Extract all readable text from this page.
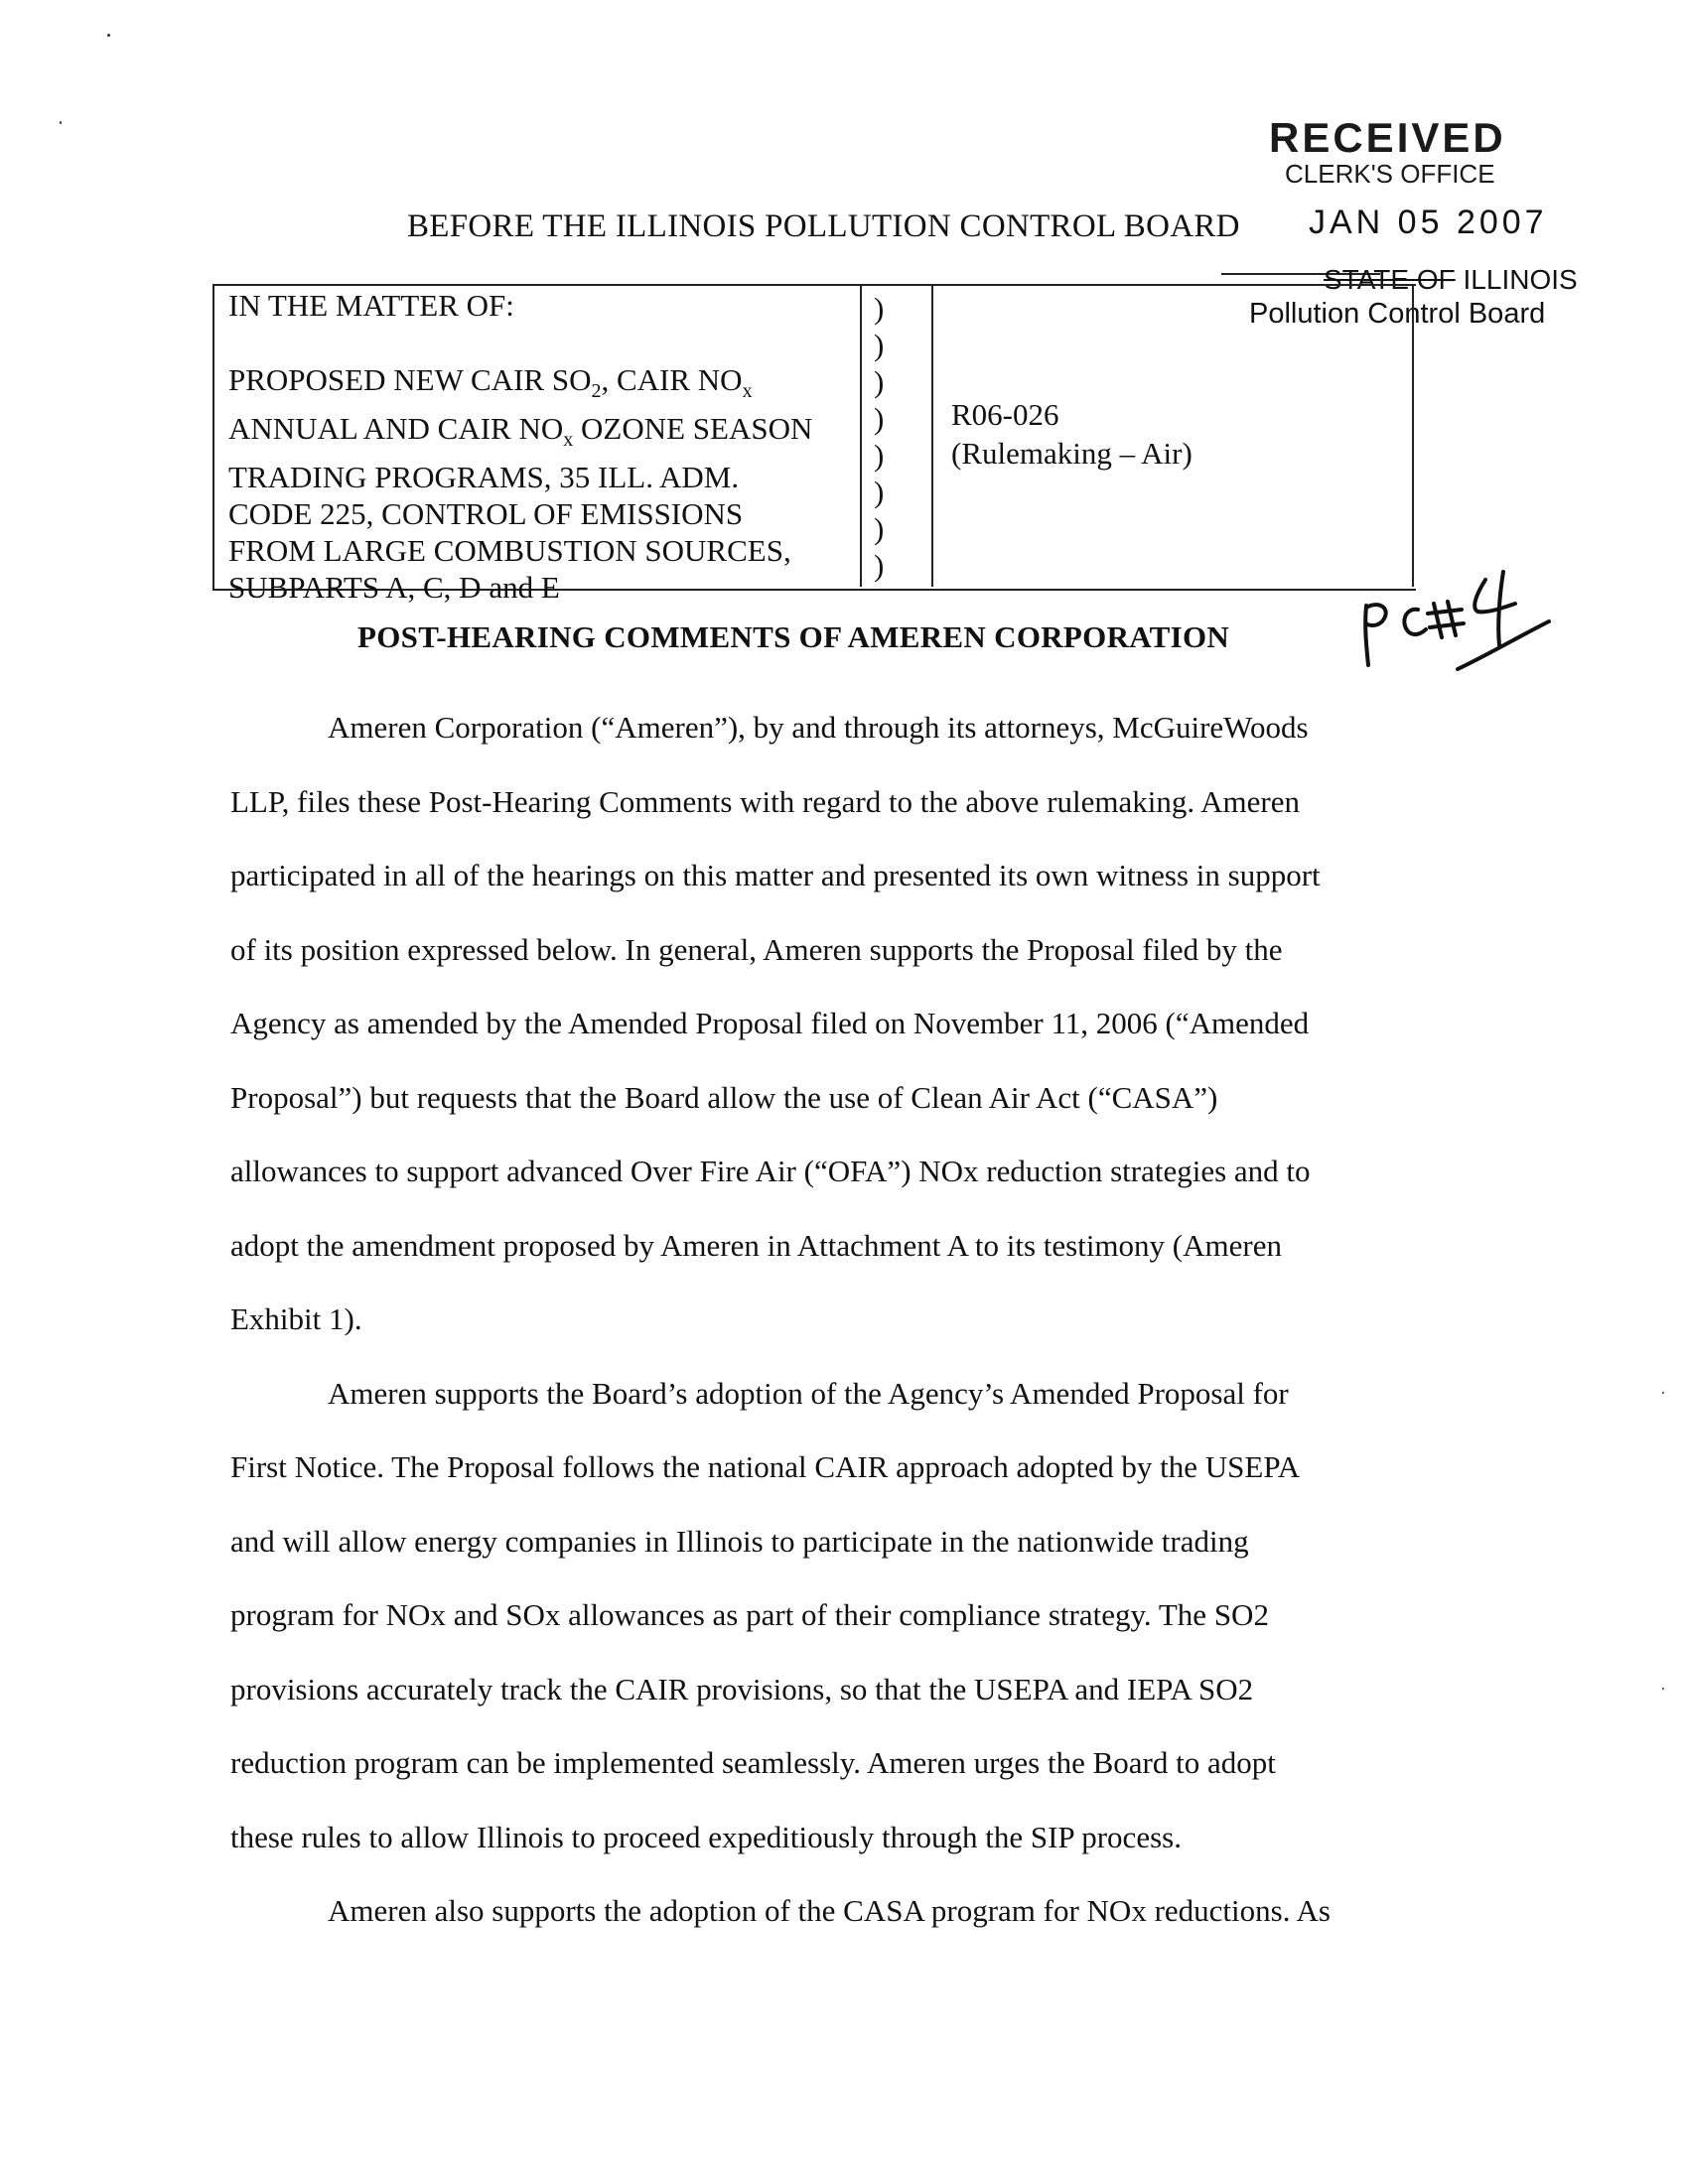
RECEIVED
CLERK'S OFFICE
JAN 05 2007
STATE OF ILLINOIS
Pollution Control Board
BEFORE THE ILLINOIS POLLUTION CONTROL BOARD
IN THE MATTER OF:
PROPOSED NEW CAIR $SO_2$, CAIR $NO_x$
ANNUAL AND CAIR $NO_x$ OZONE SEASON
TRADING PROGRAMS, 35 ILL. ADM.
CODE 225, CONTROL OF EMISSIONS
FROM LARGE COMBUSTION SOURCES,
SUBPARTS A, C, D and E
)
)
)
)
)
)
)
)
R06-026
(Rulemaking – Air)
POST-HEARING COMMENTS OF AMEREN CORPORATION

Ameren Corporation (“Ameren”), by and through its attorneys, McGuireWoods
LLP, files these Post-Hearing Comments with regard to the above rulemaking. Ameren
participated in all of the hearings on this matter and presented its own witness in support
of its position expressed below. In general, Ameren supports the Proposal filed by the
Agency as amended by the Amended Proposal filed on November 11, 2006 (“Amended
Proposal”) but requests that the Board allow the use of Clean Air Act (“CASA”)
allowances to support advanced Over Fire Air (“OFA”) NOx reduction strategies and to
adopt the amendment proposed by Ameren in Attachment A to its testimony (Ameren
Exhibit 1).

Ameren supports the Board’s adoption of the Agency’s Amended Proposal for
First Notice. The Proposal follows the national CAIR approach adopted by the USEPA
and will allow energy companies in Illinois to participate in the nationwide trading
program for NOx and SOx allowances as part of their compliance strategy. The SO2
provisions accurately track the CAIR provisions, so that the USEPA and IEPA SO2
reduction program can be implemented seamlessly. Ameren urges the Board to adopt
these rules to allow Illinois to proceed expeditiously through the SIP process.

Ameren also supports the adoption of the CASA program for NOx reductions. As
